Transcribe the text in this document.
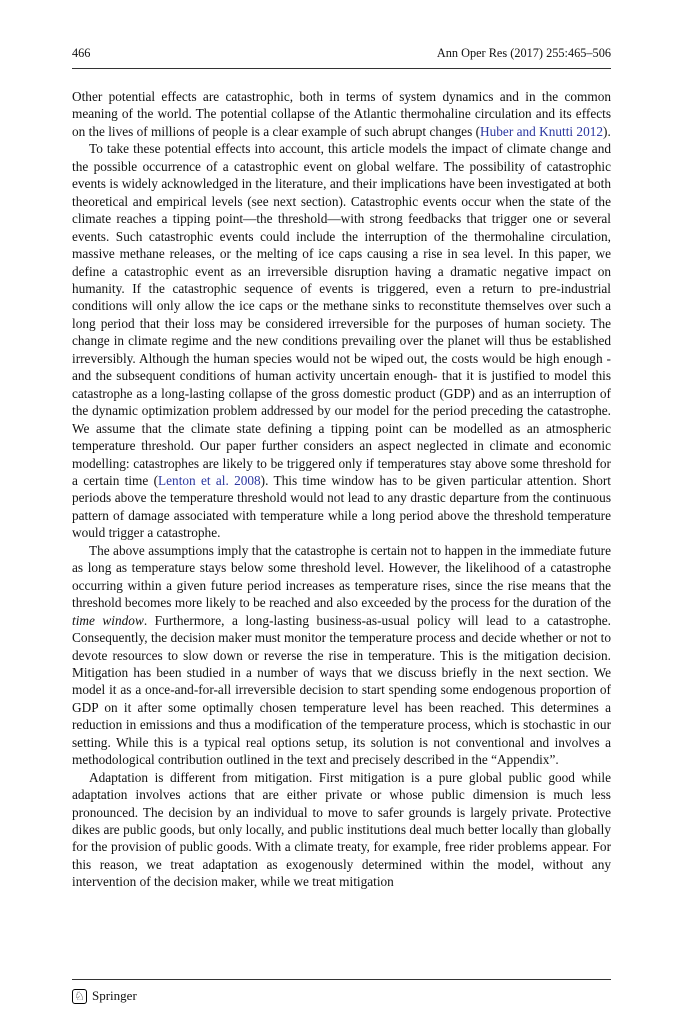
466	Ann Oper Res (2017) 255:465–506

Other potential effects are catastrophic, both in terms of system dynamics and in the common meaning of the world. The potential collapse of the Atlantic thermohaline circulation and its effects on the lives of millions of people is a clear example of such abrupt changes (Huber and Knutti 2012).

To take these potential effects into account, this article models the impact of climate change and the possible occurrence of a catastrophic event on global welfare. The possibility of catastrophic events is widely acknowledged in the literature, and their implications have been investigated at both theoretical and empirical levels (see next section). Catastrophic events occur when the state of the climate reaches a tipping point—the threshold—with strong feedbacks that trigger one or several events. Such catastrophic events could include the interruption of the thermohaline circulation, massive methane releases, or the melting of ice caps causing a rise in sea level. In this paper, we define a catastrophic event as an irreversible disruption having a dramatic negative impact on humanity. If the catastrophic sequence of events is triggered, even a return to pre-industrial conditions will only allow the ice caps or the methane sinks to reconstitute themselves over such a long period that their loss may be considered irreversible for the purposes of human society. The change in climate regime and the new conditions prevailing over the planet will thus be established irreversibly. Although the human species would not be wiped out, the costs would be high enough -and the subsequent conditions of human activity uncertain enough- that it is justified to model this catastrophe as a long-lasting collapse of the gross domestic product (GDP) and as an interruption of the dynamic optimization problem addressed by our model for the period preceding the catastrophe. We assume that the climate state defining a tipping point can be modelled as an atmospheric temperature threshold. Our paper further considers an aspect neglected in climate and economic modelling: catastrophes are likely to be triggered only if temperatures stay above some threshold for a certain time (Lenton et al. 2008). This time window has to be given particular attention. Short periods above the temperature threshold would not lead to any drastic departure from the continuous pattern of damage associated with temperature while a long period above the threshold temperature would trigger a catastrophe.

The above assumptions imply that the catastrophe is certain not to happen in the immediate future as long as temperature stays below some threshold level. However, the likelihood of a catastrophe occurring within a given future period increases as temperature rises, since the rise means that the threshold becomes more likely to be reached and also exceeded by the process for the duration of the time window. Furthermore, a long-lasting business-as-usual policy will lead to a catastrophe. Consequently, the decision maker must monitor the temperature process and decide whether or not to devote resources to slow down or reverse the rise in temperature. This is the mitigation decision. Mitigation has been studied in a number of ways that we discuss briefly in the next section. We model it as a once-and-for-all irreversible decision to start spending some endogenous proportion of GDP on it after some optimally chosen temperature level has been reached. This determines a reduction in emissions and thus a modification of the temperature process, which is stochastic in our setting. While this is a typical real options setup, its solution is not conventional and involves a methodological contribution outlined in the text and precisely described in the “Appendix”.

Adaptation is different from mitigation. First mitigation is a pure global public good while adaptation involves actions that are either private or whose public dimension is much less pronounced. The decision by an individual to move to safer grounds is largely private. Protective dikes are public goods, but only locally, and public institutions deal much better locally than globally for the provision of public goods. With a climate treaty, for example, free rider problems appear. For this reason, we treat adaptation as exogenously determined within the model, without any intervention of the decision maker, while we treat mitigation

♘ Springer
